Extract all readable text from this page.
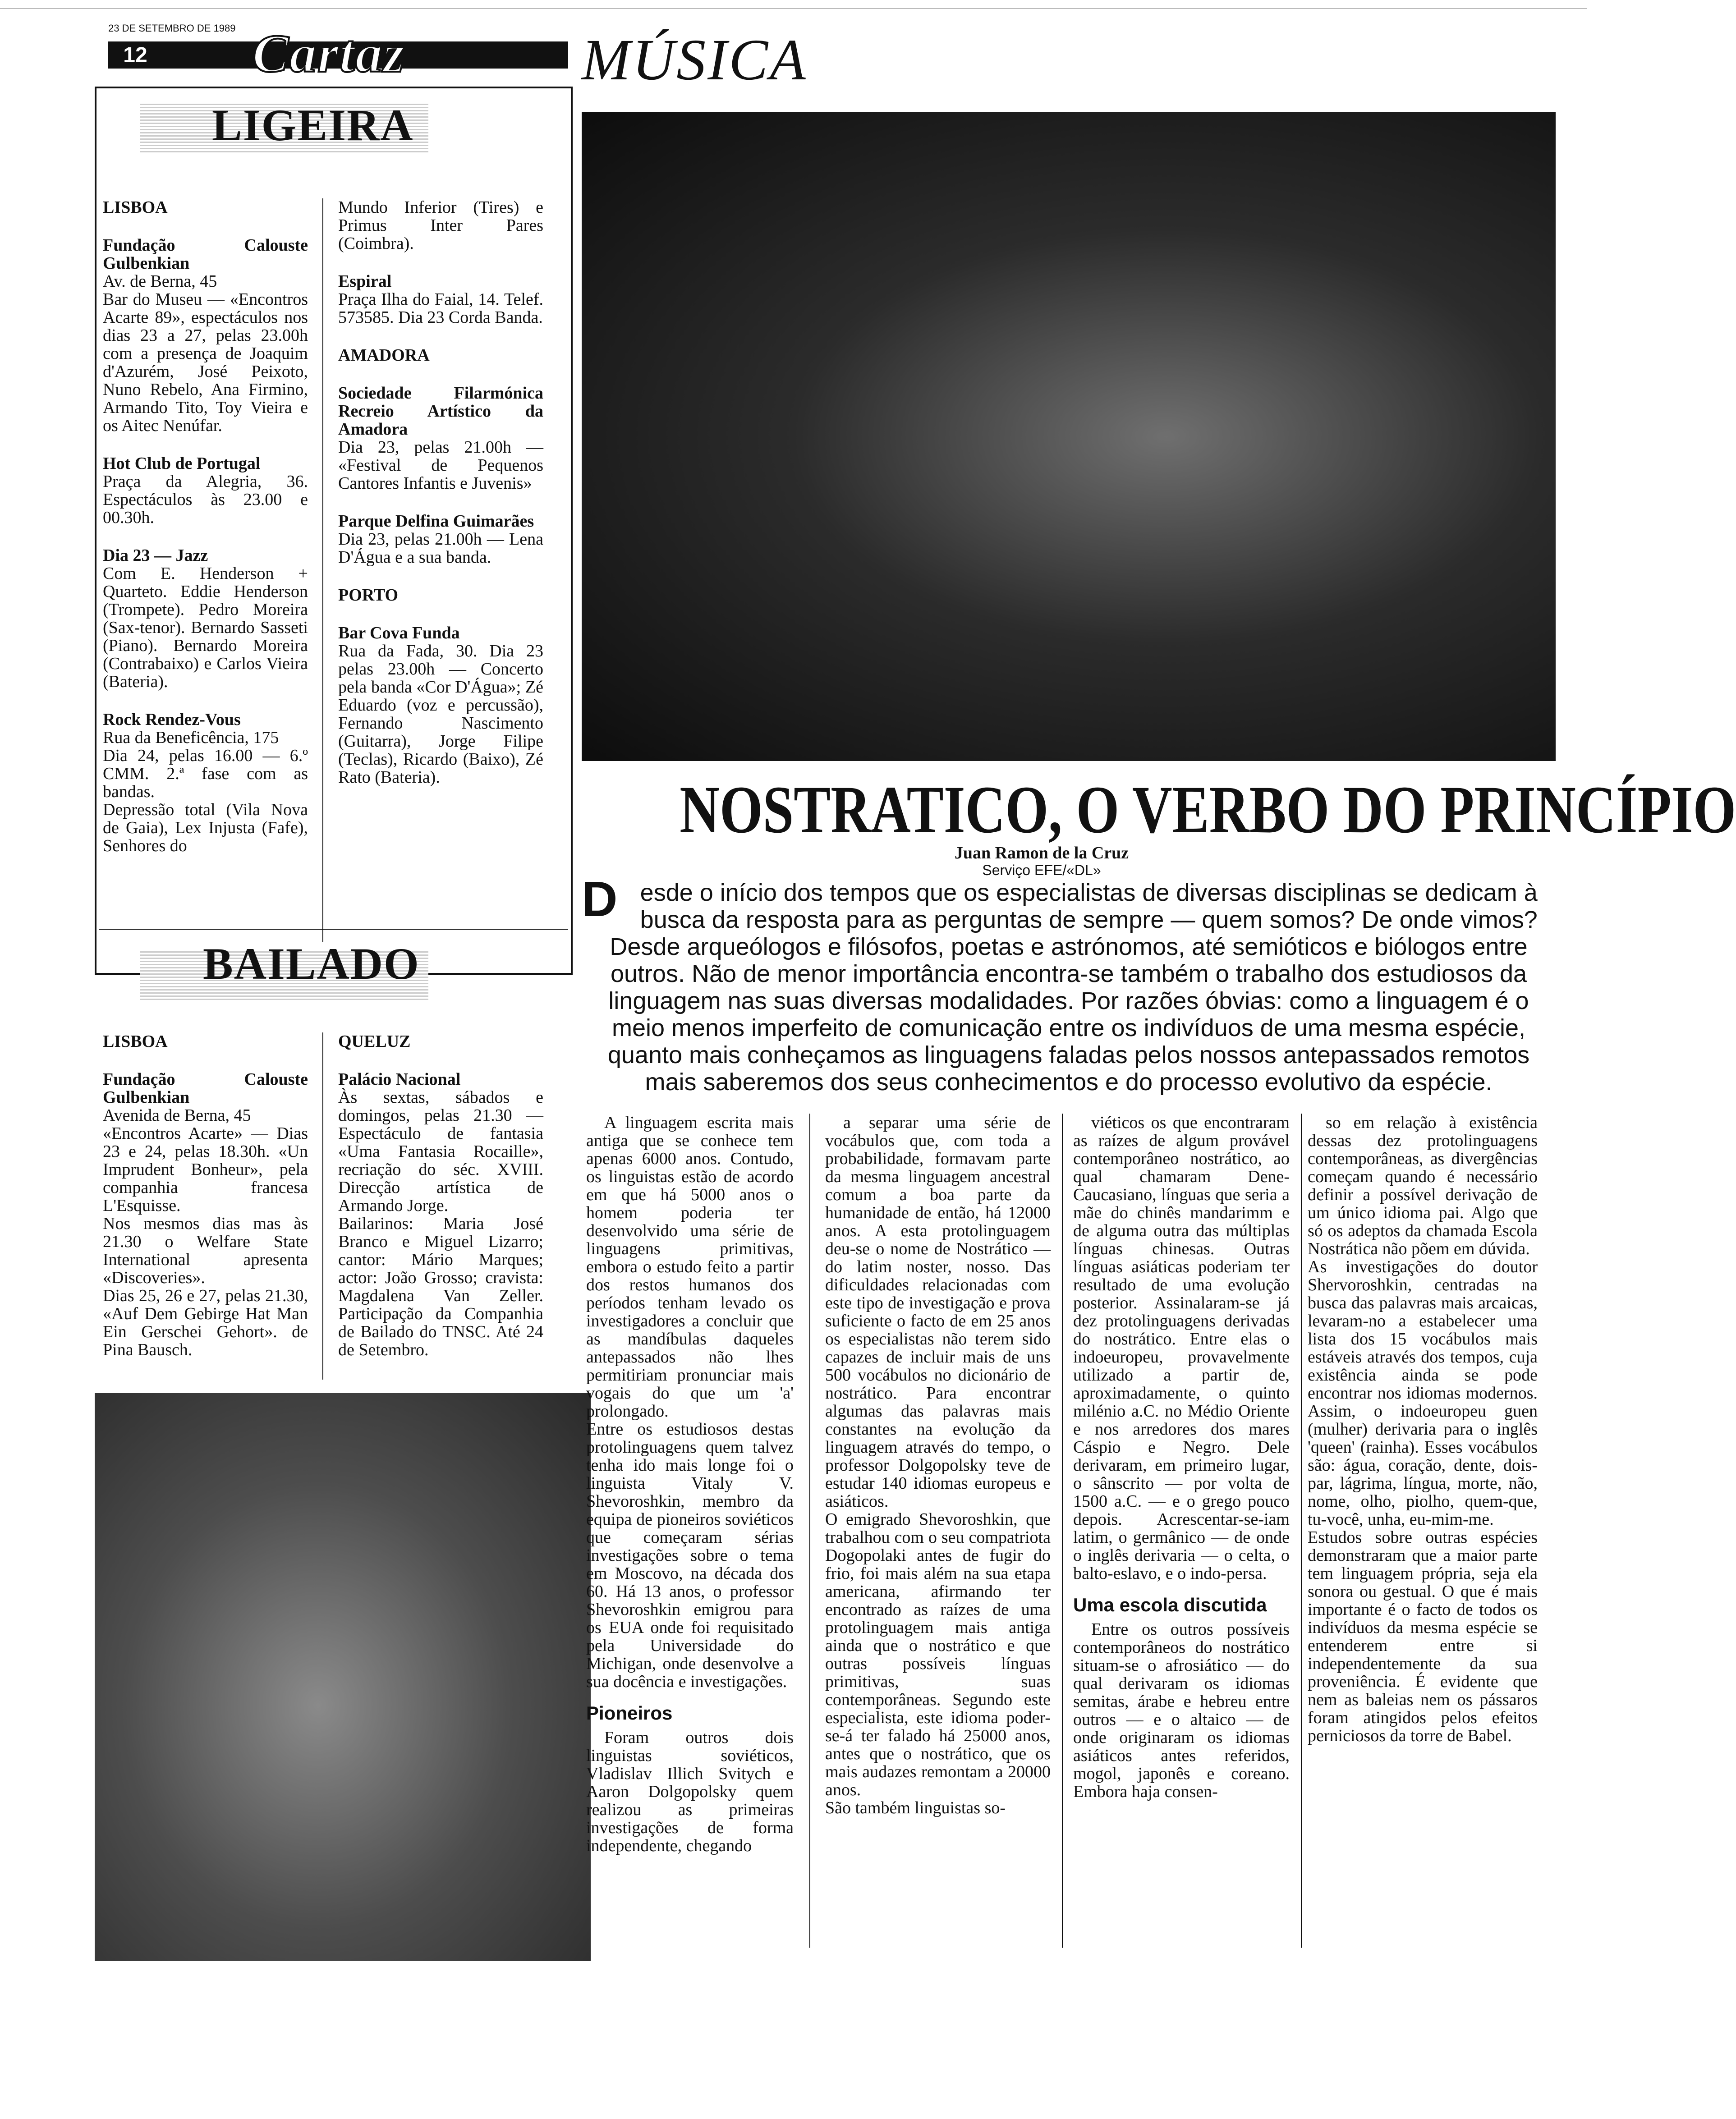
23 DE SETEMBRO DE 1989
12 Cartaz	MÚSICA
LIGEIRA

LISBOA

Fundação Calouste Gulbenkian
Av. de Berna, 45
Bar do Museu — «Encontros Acarte 89», espectáculos nos dias 23 a 27, pelas 23.00h com a presença de Joaquim d'Azurém, José Peixoto, Nuno Rebelo, Ana Firmino, Armando Tito, Toy Vieira e os Aitec Nenúfar.

Hot Club de Portugal
Praça da Alegria, 36. Espectáculos às 23.00 e 00.30h.

Dia 23 — Jazz
Com E. Henderson + Quarteto. Eddie Henderson (Trompete). Pedro Moreira (Sax-tenor). Bernardo Sasseti (Piano). Bernardo Moreira (Contrabaixo) e Carlos Vieira (Bateria).

Rock Rendez-Vous
Rua da Beneficência, 175
Dia 24, pelas 16.00 — 6.º CMM. 2.ª fase com as bandas.
Depressão total (Vila Nova de Gaia), Lex Injusta (Fafe), Senhores do

Mundo Inferior (Tires) e Primus Inter Pares (Coimbra).

Espiral
Praça Ilha do Faial, 14. Telef. 573585. Dia 23 Corda Banda.

AMADORA

Sociedade Filarmónica Recreio Artístico da Amadora
Dia 23, pelas 21.00h — «Festival de Pequenos Cantores Infantis e Juvenis»

Parque Delfina Guimarães
Dia 23, pelas 21.00h — Lena D'Água e a sua banda.

PORTO

Bar Cova Funda
Rua da Fada, 30. Dia 23 pelas 23.00h — Concerto pela banda «Cor D'Água»; Zé Eduardo (voz e percussão), Fernando Nascimento (Guitarra), Jorge Filipe (Teclas), Ricardo (Baixo), Zé Rato (Bateria).

BAILADO

LISBOA

Fundação Calouste Gulbenkian
Avenida de Berna, 45
«Encontros Acarte» — Dias 23 e 24, pelas 18.30h. «Un Imprudent Bonheur», pela companhia francesa L'Esquisse.
Nos mesmos dias mas às 21.30 o Welfare State International apresenta «Discoveries».
Dias 25, 26 e 27, pelas 21.30, «Auf Dem Gebirge Hat Man Ein Gerschei Gehort». de Pina Bausch.

QUELUZ

Palácio Nacional
Às sextas, sábados e domingos, pelas 21.30 — Espectáculo de fantasia «Uma Fantasia Rocaille», recriação do séc. XVIII. Direcção artística de Armando Jorge.
Bailarinos: Maria José Branco e Miguel Lizarro; cantor: Mário Marques; actor: João Grosso; cravista: Magdalena Van Zeller. Participação da Companhia de Bailado do TNSC. Até 24 de Setembro.

NOSTRATICO, O VERBO DO PRINCÍPIO
Juan Ramon de la Cruz
Serviço EFE/«DL»
Desde o início dos tempos que os especialistas de diversas disciplinas se dedicam à busca da resposta para as perguntas de sempre — quem somos? De onde vimos? Desde arqueólogos e filósofos, poetas e astrónomos, até semióticos e biólogos entre outros. Não de menor importância encontra-se também o trabalho dos estudiosos da linguagem nas suas diversas modalidades. Por razões óbvias: como a linguagem é o meio menos imperfeito de comunicação entre os indivíduos de uma mesma espécie, quanto mais conheçamos as linguagens faladas pelos nossos antepassados remotos mais saberemos dos seus conhecimentos e do processo evolutivo da espécie.

A linguagem escrita mais antiga que se conhece tem apenas 6000 anos. Contudo, os linguistas estão de acordo em que há 5000 anos o homem poderia ter desenvolvido uma série de linguagens primitivas, embora o estudo feito a partir dos restos humanos dos períodos tenham levado os investigadores a concluir que as mandíbulas daqueles antepassados não lhes permitiriam pronunciar mais vogais do que um 'a' prolongado.
Entre os estudiosos destas protolinguagens quem talvez tenha ido mais longe foi o linguista Vitaly V. Shevoroshkin, membro da equipa de pioneiros soviéticos que começaram sérias investigações sobre o tema em Moscovo, na década dos 60. Há 13 anos, o professor Shevoroshkin emigrou para os EUA onde foi requisitado pela Universidade do Michigan, onde desenvolve a sua docência e investigações.

Pioneiros

Foram outros dois linguistas soviéticos, Vladislav Illich Svitych e Aaron Dolgopolsky quem realizou as primeiras investigações de forma independente, chegando

a separar uma série de vocábulos que, com toda a probabilidade, formavam parte da mesma linguagem ancestral comum a boa parte da humanidade de então, há 12000 anos. A esta protolinguagem deu-se o nome de Nostrático — do latim noster, nosso. Das dificuldades relacionadas com este tipo de investigação e prova suficiente o facto de em 25 anos os especialistas não terem sido capazes de incluir mais de uns 500 vocábulos no dicionário de nostrático. Para encontrar algumas das palavras mais constantes na evolução da linguagem através do tempo, o professor Dolgopolsky teve de estudar 140 idiomas europeus e asiáticos.
O emigrado Shevoroshkin, que trabalhou com o seu compatriota Dogopolaki antes de fugir do frio, foi mais além na sua etapa americana, afirmando ter encontrado as raízes de uma protolinguagem mais antiga ainda que o nostrático e que outras possíveis línguas primitivas, suas contemporâneas. Segundo este especialista, este idioma poder-se-á ter falado há 25000 anos, antes que o nostrático, que os mais audazes remontam a 20000 anos.
São também linguistas so-

viéticos os que encontraram as raízes de algum provável contemporâneo nostrático, ao qual chamaram Dene-Caucasiano, línguas que seria a mãe do chinês mandarimm e de alguma outra das múltiplas línguas chinesas. Outras línguas asiáticas poderiam ter resultado de uma evolução posterior. Assinalaram-se já dez protolinguagens derivadas do nostrático. Entre elas o indoeuropeu, provavelmente utilizado a partir de, aproximadamente, o quinto milénio a.C. no Médio Oriente e nos arredores dos mares Cáspio e Negro. Dele derivaram, em primeiro lugar, o sânscrito — por volta de 1500 a.C. — e o grego pouco depois. Acrescentar-se-iam latim, o germânico — de onde o inglês derivaria — o celta, o balto-eslavo, e o indo-persa.

Uma escola discutida

Entre os outros possíveis contemporâneos do nostrático situam-se o afrosiático — do qual derivaram os idiomas semitas, árabe e hebreu entre outros — e o altaico — de onde originaram os idiomas asiáticos antes referidos, mogol, japonês e coreano. Embora haja consen-

so em relação à existência dessas dez protolinguagens contemporâneas, as divergências começam quando é necessário definir a possível derivação de um único idioma pai. Algo que só os adeptos da chamada Escola Nostrática não põem em dúvida.
As investigações do doutor Shervoroshkin, centradas na busca das palavras mais arcaicas, levaram-no a estabelecer uma lista dos 15 vocábulos mais estáveis através dos tempos, cuja existência ainda se pode encontrar nos idiomas modernos. Assim, o indoeuropeu guen (mulher) derivaria para o inglês 'queen' (rainha). Esses vocábulos são: água, coração, dente, dois-par, lágrima, língua, morte, não, nome, olho, piolho, quem-que, tu-você, unha, eu-mim-me.
Estudos sobre outras espécies demonstraram que a maior parte tem linguagem própria, seja ela sonora ou gestual. O que é mais importante é o facto de todos os indivíduos da mesma espécie se entenderem entre si independentemente da sua proveniência. É evidente que nem as baleias nem os pássaros foram atingidos pelos efeitos perniciosos da torre de Babel.
